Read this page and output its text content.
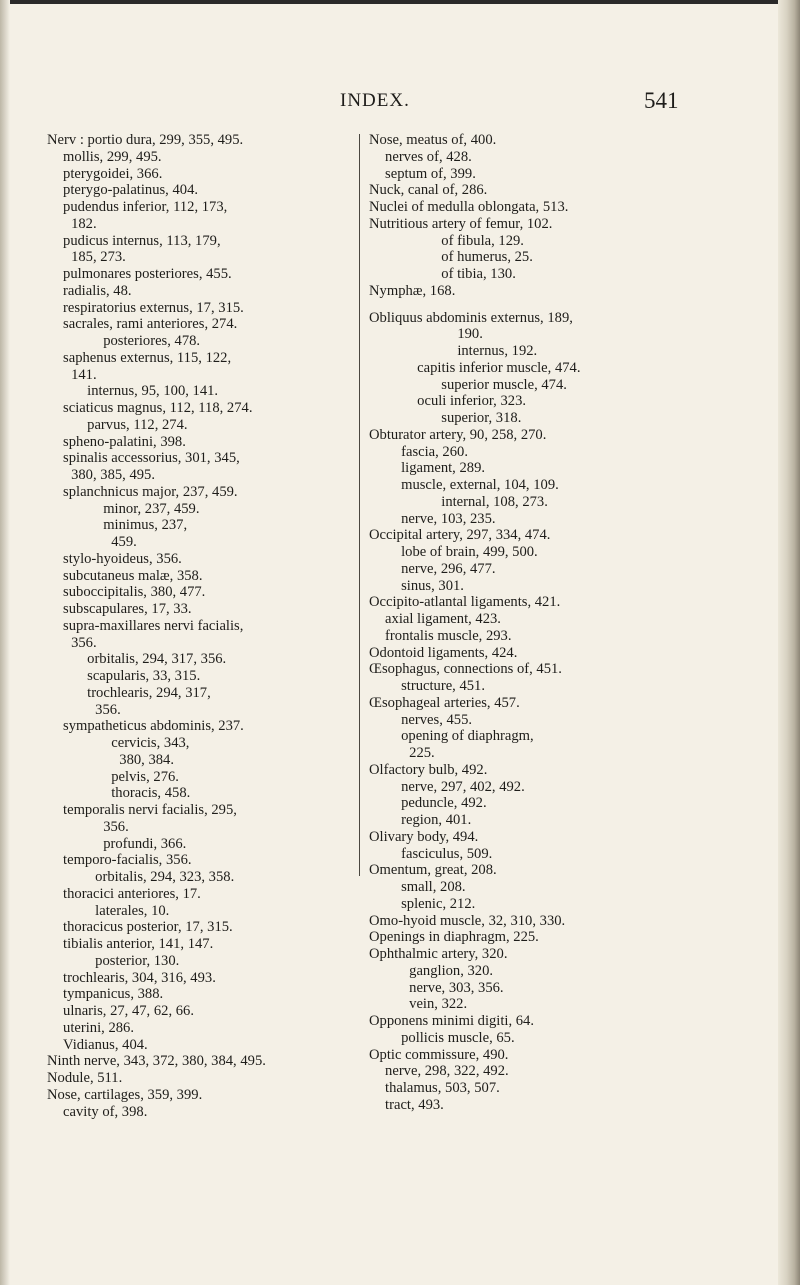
INDEX.	541
Nerv : portio dura, 299, 355, 495.
mollis, 299, 495.
pterygoidei, 366.
pterygo-palatinus, 404.
pudendus inferior, 112, 173,
182.
pudicus internus, 113, 179,
185, 273.
pulmonares posteriores, 455.
radialis, 48.
respiratorius externus, 17, 315.
sacrales, rami anteriores, 274.
posteriores, 478.
saphenus externus, 115, 122,
141.
internus, 95, 100, 141.
sciaticus magnus, 112, 118, 274.
parvus, 112, 274.
spheno-palatini, 398.
spinalis accessorius, 301, 345,
380, 385, 495.
splanchnicus major, 237, 459.
minor, 237, 459.
minimus, 237,
459.
stylo-hyoideus, 356.
subcutaneus malæ, 358.
suboccipitalis, 380, 477.
subscapulares, 17, 33.
supra-maxillares nervi facialis,
356.
orbitalis, 294, 317, 356.
scapularis, 33, 315.
trochlearis, 294, 317,
356.
sympatheticus abdominis, 237.
cervicis, 343,
380, 384.
pelvis, 276.
thoracis, 458.
temporalis nervi facialis, 295,
356.
profundi, 366.
temporo-facialis, 356.
orbitalis, 294, 323, 358.
thoracici anteriores, 17.
laterales, 10.
thoracicus posterior, 17, 315.
tibialis anterior, 141, 147.
posterior, 130.
trochlearis, 304, 316, 493.
tympanicus, 388.
ulnaris, 27, 47, 62, 66.
uterini, 286.
Vidianus, 404.
Ninth nerve, 343, 372, 380, 384, 495.
Nodule, 511.
Nose, cartilages, 359, 399.
cavity of, 398.
Nose, meatus of, 400.
nerves of, 428.
septum of, 399.
Nuck, canal of, 286.
Nuclei of medulla oblongata, 513.
Nutritious artery of femur, 102.
of fibula, 129.
of humerus, 25.
of tibia, 130.
Nymphæ, 168.
Obliquus abdominis externus, 189,
190.
internus, 192.
capitis inferior muscle, 474.
superior muscle, 474.
oculi inferior, 323.
superior, 318.
Obturator artery, 90, 258, 270.
fascia, 260.
ligament, 289.
muscle, external, 104, 109.
internal, 108, 273.
nerve, 103, 235.
Occipital artery, 297, 334, 474.
lobe of brain, 499, 500.
nerve, 296, 477.
sinus, 301.
Occipito-atlantal ligaments, 421.
axial ligament, 423.
frontalis muscle, 293.
Odontoid ligaments, 424.
Œsophagus, connections of, 451.
structure, 451.
Œsophageal arteries, 457.
nerves, 455.
opening of diaphragm,
225.
Olfactory bulb, 492.
nerve, 297, 402, 492.
peduncle, 492.
region, 401.
Olivary body, 494.
fasciculus, 509.
Omentum, great, 208.
small, 208.
splenic, 212.
Omo-hyoid muscle, 32, 310, 330.
Openings in diaphragm, 225.
Ophthalmic artery, 320.
ganglion, 320.
nerve, 303, 356.
vein, 322.
Opponens minimi digiti, 64.
pollicis muscle, 65.
Optic commissure, 490.
nerve, 298, 322, 492.
thalamus, 503, 507.
tract, 493.
